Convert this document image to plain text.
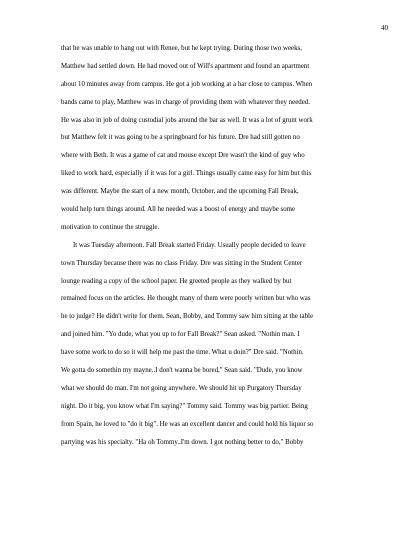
40

that he was unable to hang out with Renee, but he kept trying. During those two weeks,

Matthew had settled down. He had moved out of Will's apartment and found an apartment

about 10 minutes away from campus. He got a job working at a bar close to campus. When

bands came to play, Matthew was in charge of providing them with whatever they needed.

He was also in job of doing custodial jobs around the bar as well. It was a lot of grunt work

but Matthew felt it was going to be a springboard for his future. Dre had still gotten no

where with Beth. It was a game of cat and mouse except Dre wasn't the kind of guy who

liked to work hard, especially if it was for a girl. Things usually came easy for him but this

was different. Maybe the start of a new month, October, and the upcoming Fall Break,

would help turn things around. All he needed was a boost of energy and maybe some

motivation to continue the struggle.

It was Tuesday afternoon. Fall Break started Friday. Usually people decided to leave

town Thursday because there was no class Friday. Dre was sitting in the Student Center

lounge reading a copy of the school paper. He greeted people as they walked by but

remained focus on the articles. He thought many of them were poorly written but who was

he to judge? He didn't write for them. Sean, Bobby, and Tommy saw him sitting at the table

and joined him. "Yo dude, what you up to for Fall Break?" Sean asked. "Nothin man. I

have some work to do so it will help me past the time. What u doin?" Dre said. "Nothin.

We gotta do somethin my mayne..I don't wanna be bored," Sean said. "Dude, you know

what we should do man. I'm not going anywhere. We should hit up Purgatory Thursday

night. Do it big, you know what I'm saying?" Tommy said. Tommy was big partier. Being

from Spain, he loved to "do it big". He was an excellent dancer and could hold his liquor so

partying was his specialty. "Ha oh Tommy..I'm down. I got nothing better to do," Bobby
